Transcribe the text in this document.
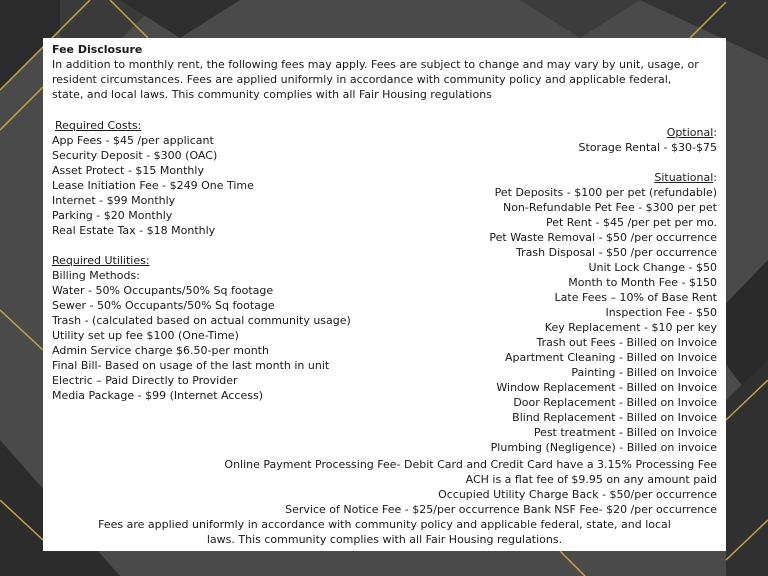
Fee Disclosure
In addition to monthly rent, the following fees may apply. Fees are subject to change and may vary by unit, usage, or resident circumstances. Fees are applied uniformly in accordance with community policy and applicable federal, state, and local laws. This community complies with all Fair Housing regulations
Required Costs:
App Fees - $45 /per applicant
Security Deposit - $300 (OAC)
Asset Protect - $15 Monthly
Lease Initiation Fee - $249 One Time
Internet - $99 Monthly
Parking - $20 Monthly
Real Estate Tax - $18 Monthly
Required Utilities:
Billing Methods:
Water - 50% Occupants/50% Sq footage
Sewer - 50% Occupants/50% Sq footage
Trash - (calculated based on actual community usage)
Utility set up fee $100 (One-Time)
Admin Service charge $6.50-per month
Final Bill- Based on usage of the last month in unit
Electric – Paid Directly to Provider
Media Package - $99 (Internet Access)
Optional:
Storage Rental - $30-$75
Situational:
Pet Deposits - $100 per pet (refundable)
Non-Refundable Pet Fee - $300 per pet
Pet Rent - $45 /per pet per mo.
Pet Waste Removal - $50 /per occurrence
Trash Disposal - $50 /per occurrence
Unit Lock Change - $50
Month to Month Fee - $150
Late Fees – 10% of Base Rent
Inspection Fee - $50
Key Replacement - $10 per key
Trash out Fees - Billed on Invoice
Apartment Cleaning - Billed on Invoice
Painting - Billed on Invoice
Window Replacement - Billed on Invoice
Door Replacement - Billed on Invoice
Blind Replacement - Billed on Invoice
Pest treatment - Billed on Invoice
Plumbing (Negligence) - Billed on invoice
Online Payment Processing Fee- Debit Card and Credit Card have a 3.15% Processing Fee
ACH is a flat fee of $9.95 on any amount paid
Occupied Utility Charge Back - $50/per occurrence
Service of Notice Fee - $25/per occurrence Bank NSF Fee- $20 /per occurrence
Fees are applied uniformly in accordance with community policy and applicable federal, state, and local laws. This community complies with all Fair Housing regulations.
